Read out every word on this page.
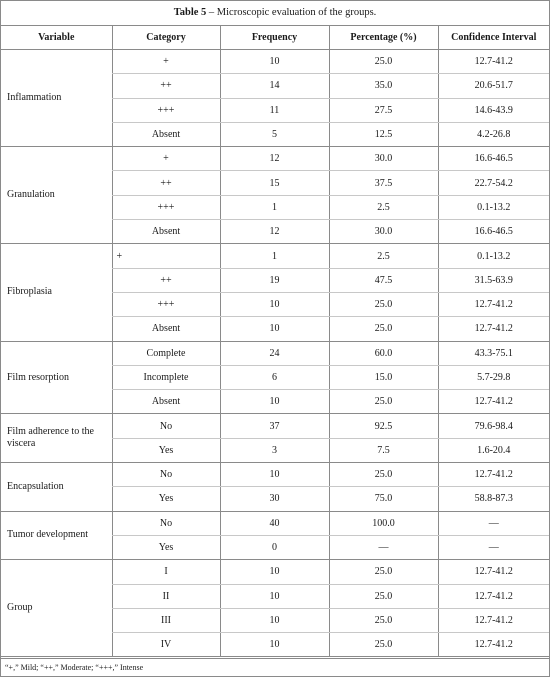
Table 5 – Microscopic evaluation of the groups.
Variable	Category	Frequency	Percentage (%)	Confidence Interval
Inflammation	+	10	25.0	12.7-41.2
	++	14	35.0	20.6-51.7
	+++	11	27.5	14.6-43.9
	Absent	5	12.5	4.2-26.8
Granulation	+	12	30.0	16.6-46.5
	++	15	37.5	22.7-54.2
	+++	1	2.5	0.1-13.2
	Absent	12	30.0	16.6-46.5
Fibroplasia	+	1	2.5	0.1-13.2
	++	19	47.5	31.5-63.9
	+++	10	25.0	12.7-41.2
	Absent	10	25.0	12.7-41.2
Film resorption	Complete	24	60.0	43.3-75.1
	Incomplete	6	15.0	5.7-29.8
	Absent	10	25.0	12.7-41.2
Film adherence to the viscera	No	37	92.5	79.6-98.4
	Yes	3	7.5	1.6-20.4
Encapsulation	No	10	25.0	12.7-41.2
	Yes	30	75.0	58.8-87.3
Tumor development	No	40	100.0	—
	Yes	0	—	—
Group	I	10	25.0	12.7-41.2
	II	10	25.0	12.7-41.2
	III	10	25.0	12.7-41.2
	IV	10	25.0	12.7-41.2
“+,” Mild; “++,” Moderate; “+++,” Intense
